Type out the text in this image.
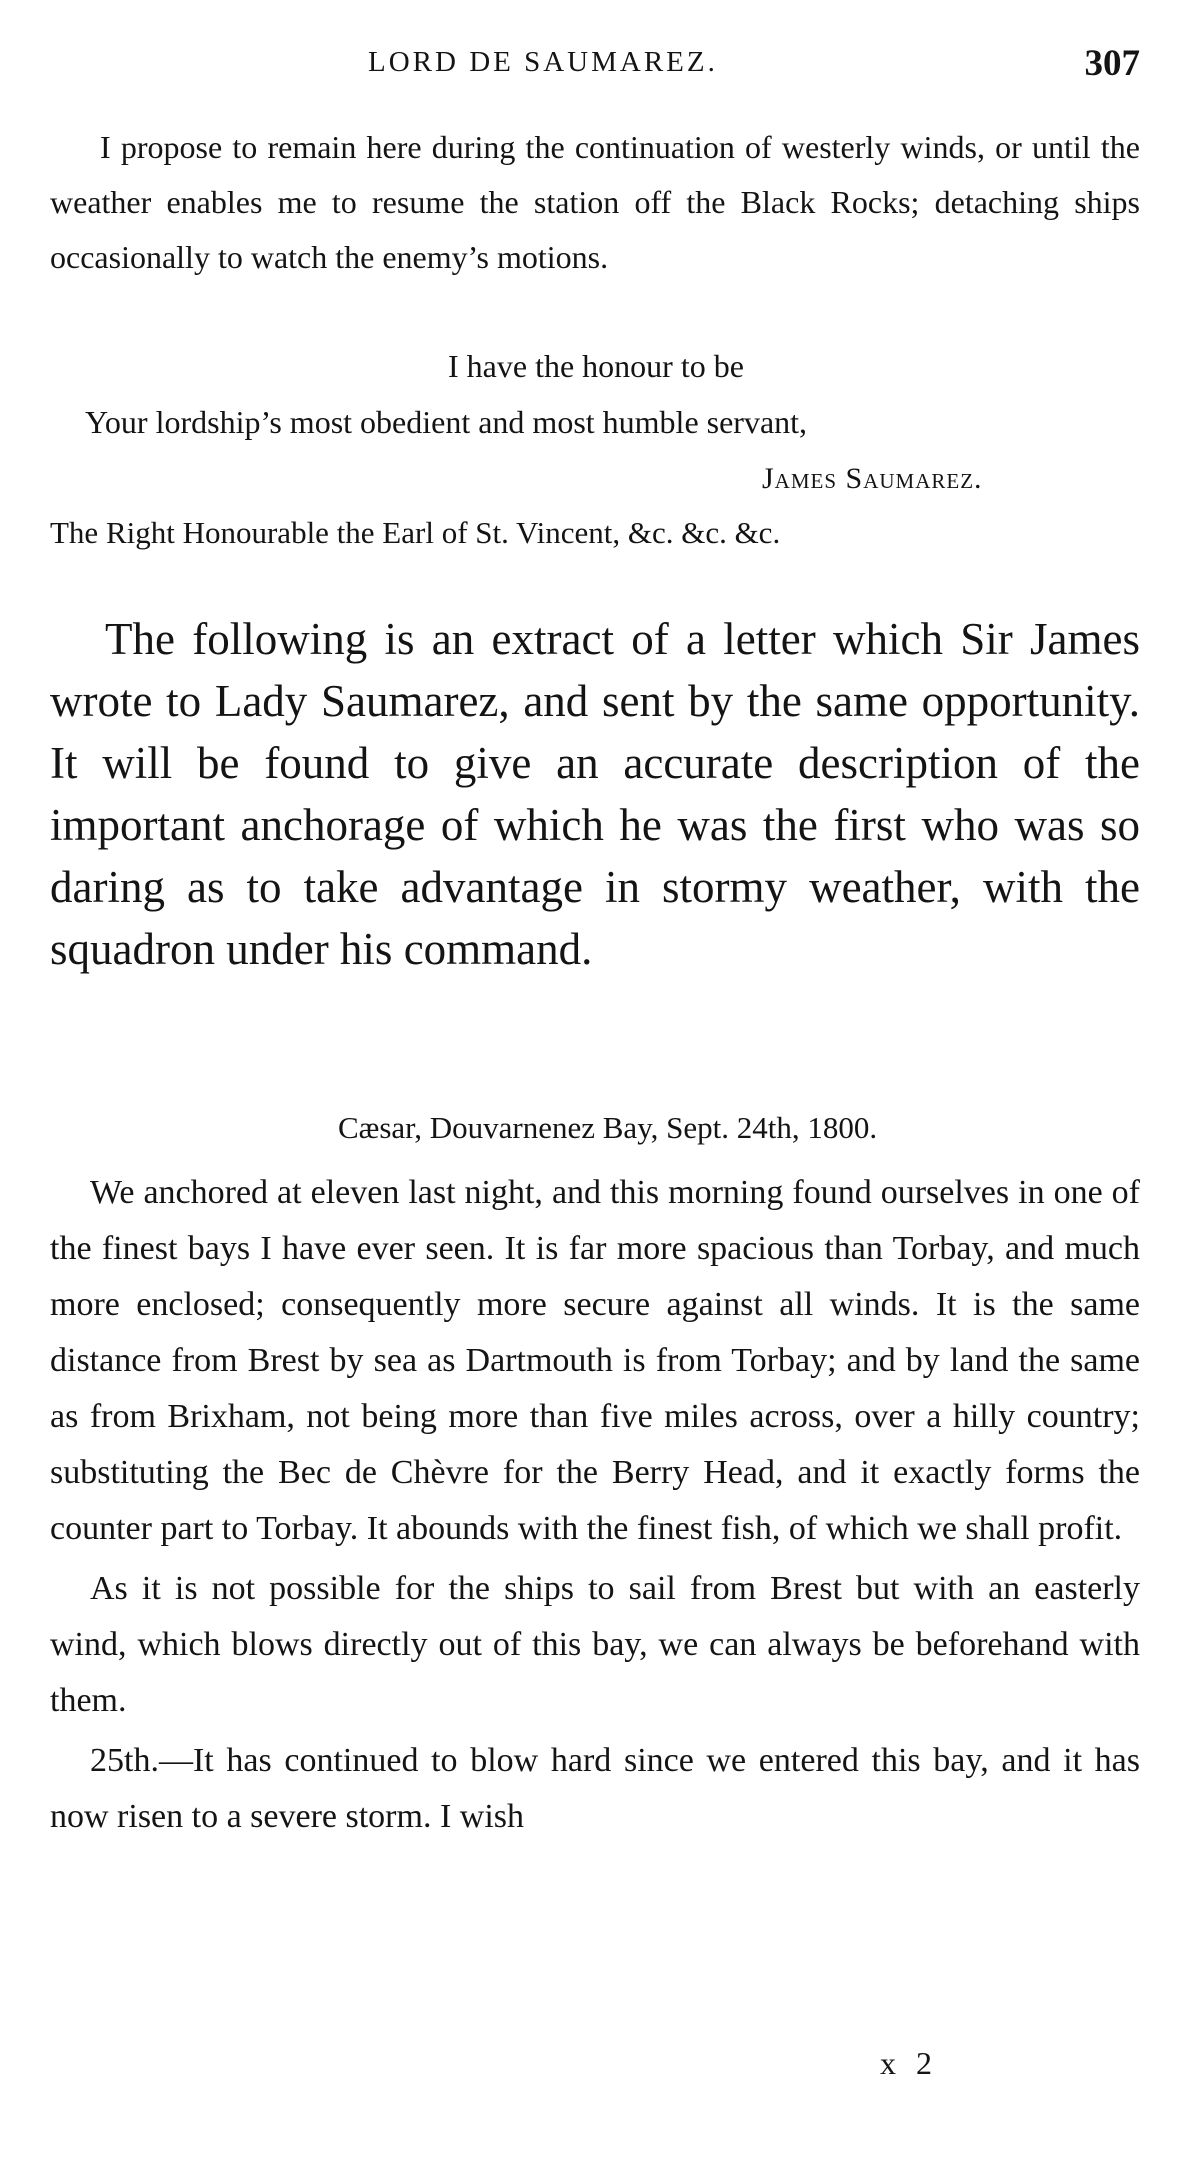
LORD DE SAUMAREZ.	307

I propose to remain here during the continuation of westerly winds, or until the weather enables me to resume the station off the Black Rocks; detaching ships occasionally to watch the enemy’s motions.

I have the honour to be
Your lordship’s most obedient and most humble servant,
James Saumarez.
The Right Honourable the Earl of St. Vincent, &c. &c. &c.

The following is an extract of a letter which Sir James wrote to Lady Saumarez, and sent by the same opportunity. It will be found to give an accurate description of the important anchorage of which he was the first who was so daring as to take advantage in stormy weather, with the squadron under his command.

Cæsar, Douvarnenez Bay, Sept. 24th, 1800.

We anchored at eleven last night, and this morning found ourselves in one of the finest bays I have ever seen. It is far more spacious than Torbay, and much more enclosed; consequently more secure against all winds. It is the same distance from Brest by sea as Dartmouth is from Torbay; and by land the same as from Brixham, not being more than five miles across, over a hilly country; substituting the Bec de Chèvre for the Berry Head, and it exactly forms the counter part to Torbay. It abounds with the finest fish, of which we shall profit.

As it is not possible for the ships to sail from Brest but with an easterly wind, which blows directly out of this bay, we can always be beforehand with them.

25th.—It has continued to blow hard since we entered this bay, and it has now risen to a severe storm. I wish

x 2
